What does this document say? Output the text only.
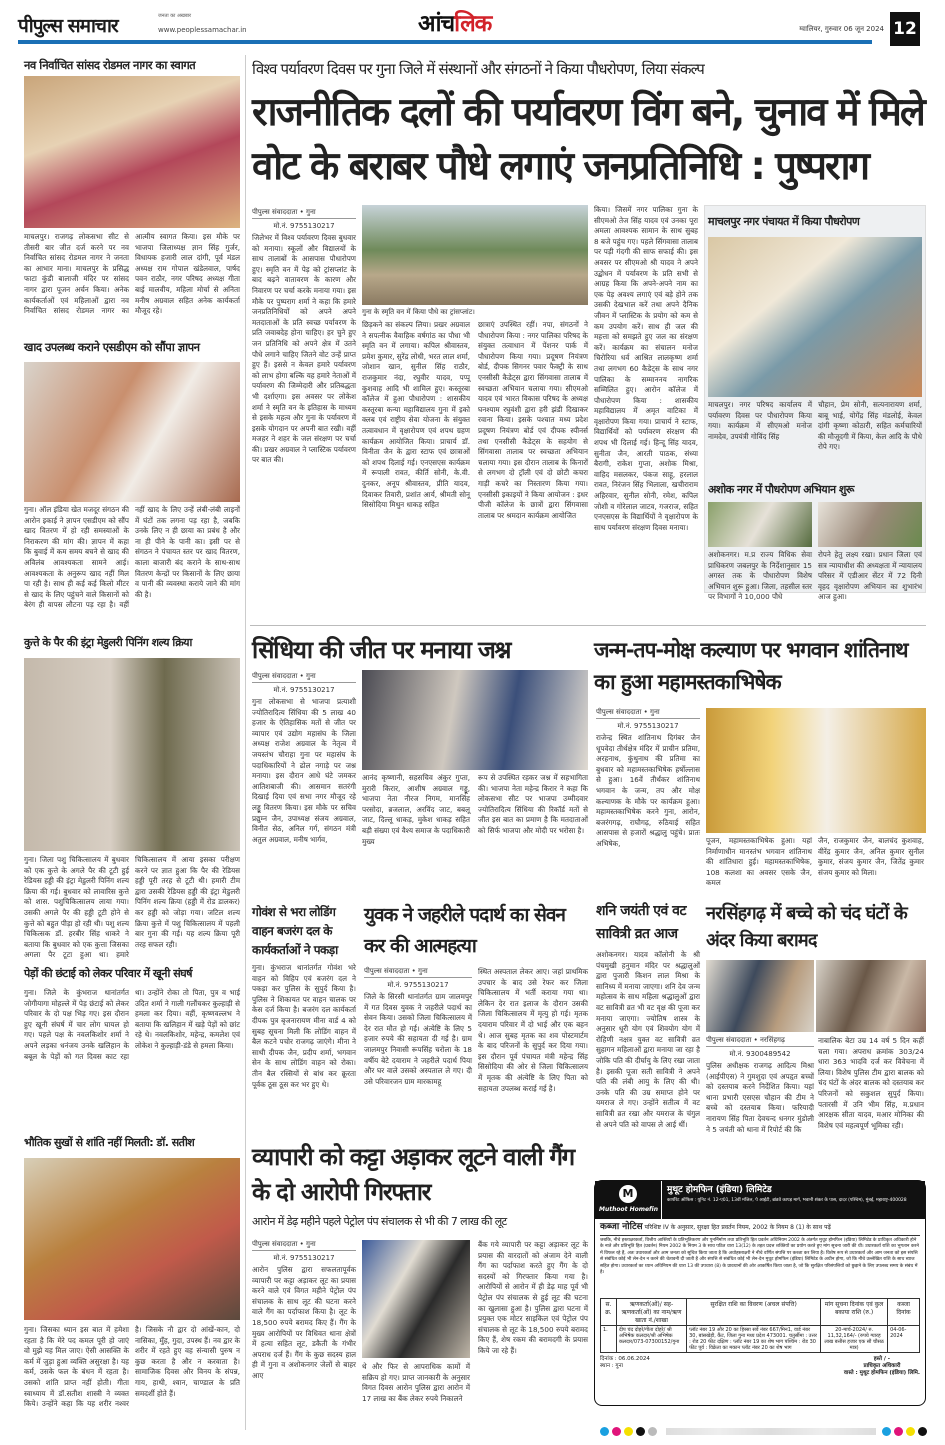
पीपुल्स समाचार	जनता का अखबार
www.peoplessamachar.in	आंचलिक	ग्वालियर, गुरुवार 06 जून 2024 12
नव निर्वाचित सांसद रोडमल नागर का स्वागत
माचलपुर। राजगढ़ लोकसभा सीट से तीसरी बार जीत दर्ज करने पर नव निर्वाचित सांसद रोडमल नागर ने जनता का आभार माना। माचलपुर के प्रसिद्ध फाटा कुंडी बालाजी मंदिर पर सांसद नागर द्वारा पूजन अर्चन किया। अनेक कार्यकर्ताओं एवं महिलाओं द्वारा नव निर्वाचित सांसद रोडमल नागर का आत्मीय स्वागत किया। इस मौके पर भाजपा जिलाध्यक्ष ज्ञान सिंह गुर्जर, विधायक हजारी लाल दांगी, पूर्व मंडल अध्यक्ष राम गोपाल खंडेलवाल, पार्षद पवन राठौर, नगर परिषद अध्यक्ष गीता बाई मालवीय, महिला मोर्चा से अनिता मनीष अग्रवाल सहित अनेक कार्यकर्ता मौजूद रहे।
खाद उपलब्ध कराने एसडीएम को सौंपा ज्ञापन
गुना। ऑल इंडिया खेत मजदूर संगठन की आरोन इकाई ने ज्ञापन एसडीएम को सौंप खाद वितरण में हो रही समस्याओं के निराकरण की मांग की। ज्ञापन में कहा कि बुवाई में कम समय बचने से खाद की अविलंब आवश्यकता सामने आई। आवश्यकता के अनुरूप खाद नहीं मिल पा रही है। साथ ही कई कई किलो मीटर से खाद के लिए पहुंचने वाले किसानों को बेरंग ही वापस लौटना पड़ रहा है। वहीं नहीं खाद के लिए उन्हें लंबी-लंबी लाइनों में घंटों तक लगना पड़ रहा है, जबकि उनके लिए न ही छाया का प्रबंध है और ना ही पीने के पानी का। इसी पर से संगठन ने पंचायत स्तर पर खाद वितरण, काला बाजारी बंद कराने के साथ-साथ वितरण केन्द्रों पर किसानों के लिए छाया व पानी की व्यवस्था कराये जाने की मांग की है।
कुत्ते के पैर की इंट्रा मेडुलरी पिनिंग शल्य क्रिया
गुना। जिला पशु चिकित्सालय में बुधवार को एक कुत्ते के अगले पैर की टूटी हुई रेडियस हड्डी की इंट्रा मेडुलरी पिनिंग शल्य क्रिया की गई। बुधवार को लावारिस कुत्ते को शास. पशुचिकित्सालय लाया गया। उसकी अगले पैर की हड्डी टूटी होने से कुत्ते को बहुत पीड़ा हो रही थी। पशु शल्य चिकित्सक डॉ. हरबीर सिंह धाकरे ने बताया कि बुधवार को एक कुत्ता जिसका अगला पैर टूटा हुआ था। हमारे चिकित्सालय में आया इसका परीक्षण करने पर ज्ञात हुआ कि पैर की रेडियस हड्डी पूरी तरह से टूटी थी। हमारी टीम द्वारा उसकी रेडियस हड्डी की इंट्रा मेडुलरी पिनिंग शल्य क्रिया (हड्डी में रोड डालकर) कर हड्डी को जोड़ा गया। जटिल शल्य क्रिया कुत्ते में पशु चिकित्सालय में पहली बार गुना की गई। यह शल्य क्रिया पूरी तरह सफल रही।
पेड़ों की छंटाई को लेकर परिवार में खूनी संघर्ष
गुना। जिले के कुंभराज थानांतर्गत जोगीयागा मोहल्ले में पेड़ छंटाई को लेकर परिवार के दो पक्ष भिड़ गए। इस दौरान हुए खूनी संघर्ष में चार लोग घायल हो गए। पहले पक्ष के नवलकिशोर शर्मा ने अपने लड़का धनंजय उनके खलिहान के बबूल के पेड़ों को गत दिवस काट रहा था। उन्होंने रोका तो पिता, पुत्र व भाई उदित शर्मा ने गाली गलौंचकर कुल्हाड़ी से हमला कर दिया। वहीं, कृष्णवल्लभ ने बताया कि खलिहान में खड़े पेड़ों को छांट रहे थे। नवलकिशोर, महेन्द्र, कमलेश एवं लोकेश ने कुल्हाड़ी-डंडे से हमला किया।
भौतिक सुखों से शांति नहीं मिलती: डॉ. सतीश
गुना। जिसका ध्यान इस बात में हमेशा रहता है कि मेरे पद कमल पूरी हो जाएं वो मुझे यह मिल जाए। ऐसी आसक्ति के कर्म में जुड़ा हुआ व्यक्ति असुरक्षा है। यह कर्म, उसके फल के बंधन में रहता है। उसको शांति प्राप्त नहीं होती। गीता स्वाध्याय में डॉ.सतीश शास्त्री ने व्यक्त किये। उन्होंने कहा कि यह शरीर नश्वर है। जिसके नौ द्वार दो आंखें-कान, दो नासिका, मुँह, गुदा, उपस्थ हैं। नव द्वार के शरीर में रहते हुए वह संन्यासी पुरुष न कुछ करता है और न करवाता है। सामाजिक दिवस और विनय के संपन्न, गाय, हाथी, श्वान, चाण्डाल के प्रति समदर्शी होते हैं।
विश्व पर्यावरण दिवस पर गुना जिले में संस्थानों और संगठनों ने किया पौधरोपण, लिया संकल्प
राजनीतिक दलों की पर्यावरण विंग बने, चुनाव में मिले वोट के बराबर पौधे लगाएं जनप्रतिनिधि : पुष्पराग
पीपुल्स संवाददाता • गुना
मो.नं. 9755130217
जिलेभर में विश्व पर्यावरण दिवस बुधवार को मनाया। स्कूलों और विद्यालयों के साथ तालाबों के आसपास पौधारोपण हुए। स्मृति वन में पेड़ को ट्रांसप्लांट के बाद बढ़ने वातावरण के कारण और निवारण पर चर्चा करके मनाया गया। इस मौके पर पुष्पराग शर्मा ने कहा कि हमारे जनप्रतिनिधियों को अपने अपने मतदाताओं के प्रति स्वच्छ पर्यावरण के प्रति जवाबदेह होना चाहिए। हर चुने हुए जन प्रतिनिधि को अपने क्षेत्र में उतने पौधे लगाने चाहिए जितने वोट उन्हें प्राप्त हुए हैं। इससे न केवल हमारे पर्यावरण को लाभ होगा बल्कि यह हमारे नेताओं में पर्यावरण की जिम्मेदारी और प्रतिबद्धता भी दर्शाएगा। इस अवसर पर लोकेश शर्मा ने स्मृति वन के इतिहास के माध्यम से इसके महत्व और गुना के पर्यावरण में इसके योगदान पर अपनी बात रखी। वहीं मजहर ने शहर के जल संरक्षण पर चर्चा की। प्रखर अग्रवाल ने प्लास्टिक पर्यावरण पर बात की।
गुना के स्मृति वन में किया पौधे का ट्रांसप्लांट।
छिड़कने का संकल्प लिया। प्रखर अग्रवाल ने सपत्नीक वैवाहिक वर्षगांठ का पौधा भी स्मृति वन में लगाया। कपिल श्रीवास्तव, प्रमेश कुमार, सुरेंद्र लोधी, भरत लाल शर्मा, जोशान खान, सुनील सिंह राठौर, राजकुमार नंदा, रघुवीर यादव, पप्पू कुशवाह आदि भी शामिल हुए। कस्तूरबा कॉलेज में हुआ पौधारोपण : शासकीय कस्तूरबा कन्या महाविद्यालय गुना में इको क्लब एवं राष्ट्रीय सेवा योजना के संयुक्त तत्वावधान में वृक्षारोपण एवं शपथ ग्रहण कार्यक्रम आयोजित किया। प्राचार्य डॉ. विनीता जैन के द्वारा स्टाफ एवं छात्राओं को शपथ दिलाई गई। एनएसएस कार्यक्रम में रूपाली रावत, कीर्ति सोनी, के.वी. दुनकर, अनूप श्रीवास्तव, प्रीति यादव, दिवाकर तिवारी, प्रशांत आर्य, श्रीमती सोनू सिसोदिया मिथुन धाकड़ सहित
छात्राएं उपस्थित रहीं। नपा, संगठनों ने पौधारोपण किया : नगर पालिका परिषद के संयुक्त तत्वाधान में पेंशनर पार्क में पौधारोपण किया गया। प्रदूषण नियंत्रण बोर्ड, दीपक सिगनर पवार फैक्ट्री के साथ एनसीसी कैडेट्स द्वारा सिंगवासा तालाब में स्वच्छता अभियान चलाया गया। सीएमओ यादव एवं भारत विकास परिषद के अध्यक्ष घनश्याम रघुवंशी द्वारा हरी झंडी दिखाकर रवाना किया। इसके पश्चात मध्य प्रदेश प्रदूषण नियंत्रण बोर्ड एवं दीपक स्पीनर्स तथा एनसीसी कैडेट्स के सहयोग से सिंगवासा तालाब पर स्वच्छता अभियान चलाया गया। इस दौरान तालाब के किनारों से लगभग दो ट्रॉली एवं दो छोटी कचरा गाड़ी कचरे का निस्तारण किया गया। एनसीसी इकाइयों ने किया आयोजन : इधर पीजी कॉलेज के छात्रों द्वारा सिंगवासा तालाब पर श्रमदान कार्यक्रम आयोजित
किया। जिसमें नगर पालिका गुना के सीएमओ तेज सिंह यादव एवं उनका पूरा अमला आवश्यक सामान के साथ सुबह 8 बजे पहुंच गए। पहले सिंगवासा तालाब पर पड़ी गंदगी की साफ सफाई की। इस अवसर पर सीएमओ श्री यादव ने अपने उद्बोधन में पर्यावरण के प्रति सभी से आग्रह किया कि अपने-अपने नाम का एक पेड़ अवश्य लगाएं एवं बड़े होने तक उसकी देखभाल करें तथा अपने दैनिक जीवन में प्लास्टिक के प्रयोग को कम से कम उपयोग करें। साथ ही जल की महत्ता को समझते हुए जल का संरक्षण करें। कार्यक्रम का संचालन मनोज चिरोरिया धर्व आश्रित लालकृष्ण शर्मा तथा लगभग 60 कैडेट्स के साथ नगर पालिका के सम्माननय नागरिक सम्मिलित हुए। आरोन कॉलेज में पौधारोपण किया : शासकीय महाविद्यालय में अमृत वाटिका में वृक्षारोपण किया गया। प्राचार्य ने स्टाफ, विद्यार्थियों को पर्यावरण संरक्षण की शपथ भी दिलाई गई। हिन्दू सिंह यादव, सुनीता जैन, आरती पाठक, संध्या बैरागी, राकेश गुप्ता, अशोक मिश्रा, वाहिद मसलकर, पंकज साहू, हरलाल रावत, निरंजन सिंह भिलाला, खचीराराम अहिरवार, सुनील सोनी, रमेश, कपिल जोशी व गोरेलाल जाटव, गजराज, सहित एनएसएस के विद्यार्थियों ने वृक्षारोपण के साथ पर्यावरण संरक्षण दिवस मनाया।
माचलपुर नगर पंचायत में किया पौधरोपण
माचलपुर। नगर परिषद कार्यालय में पर्यावरण दिवस पर पौधारोपण किया गया। कार्यक्रम में सीएमओ मनोज नामदेव, उपयंत्री गोविंद सिंह
चौहान, प्रेम सोनी, सत्यनारायण शर्मा, बाबू भाई, योगेंद्र सिंह मंडलोई, केवल दांगी कृष्णा कोठारी, सहित कर्मचारियों की मौजूदगी में किया, केल आदि के पौधे रोपे गए।
अशोक नगर में पौधरोपण अभियान शुरू
अशोकनगर। म.प्र राज्य विधिक सेवा प्राधिकरण जबलपुर के निर्देशानुसार 15 अगस्त तक के पौधारोपण विशेष अभियान शुरू हुआ। जिला, तहसील स्तर पर विभागों ने 10,000 पौधे
रोपने हेतु लक्ष्य रखा। प्रधान जिला एवं सत्र न्यायाधीश की अध्यक्षता में न्यायालय परिसर में एडीआर सेंटर में 72 दिनी वृहद वृक्षारोपण अभियान का शुभारंभ आज हुआ।
सिंधिया की जीत पर मनाया जश्न
पीपुल्स संवाददाता • गुना
मो.नं. 9755130217
गुना लोकसभा से भाजपा प्रत्याशी ज्योतिरादित्य सिंधिया की 5 लाख 40 हजार के ऐतिहासिक मतों से जीत पर व्यापार एवं उद्योग महासंघ के जिला अध्यक्ष राजेश अग्रवाल के नेतृत्व में जयस्तंभ चौराहा गुना पर महासंघ के पदाधिकारियों ने ढोल नगाड़े पर जश्न मनाया। इस दौरान आधे घंटे जमकर आतिशबाजी की। आसमान सतरंगी दिखाई दिया एवं सभा नगर मौजूद रहे लड्डू वितरण किया। इस मौके पर सचिव प्रद्युम्न जैन, उपाध्यक्ष संजय अग्रवाल, विनीत सेठ, अनिल गर्ग, संगठन मंत्री अतुल अग्रवाल, मनीष भार्गव,
आनंद कृष्णानी, सहसचिव अंकुर गुप्ता, मुरारी किरार, आशीष अग्रवाल गड्डू, भाजपा नेता नीरज निगम, मानसिंह परसोदा, ब्रजलाल, अरविंद जाट, बबलू जाट, दिल्लू धाकड़, मुकेश धाकड़ सहित बड़ी संख्या एवं वैश्य समाज के पदाधिकारी मुख्य
रूप से उपस्थित रहकर जश्न में सहभागिता की। भाजपा नेता महेन्द्र किरार ने कहा कि लोकसभा सीट पर भाजपा उम्मीदवार ज्योतिरादित्य सिंधिया की रिकॉर्ड मतों से जीत इस बात का प्रमाण है कि मतदाताओं को सिर्फ भाजपा और मोदी पर भरोसा है।
जन्म-तप-मोक्ष कल्याण पर भगवान शांतिनाथ का हुआ महामस्तकाभिषेक
पीपुल्स संवाददाता • गुना
मो.नं. 9755130217
राजेन्द्र स्थित शांतिनाथ दिगंबर जैन धूपवेदा तीर्थक्षेत्र मंदिर में प्राचीन प्रतिमा, अरहनाथ, कुंथुनाथ की प्रतिमा का बुधवार को महामस्तकाभिषेक हर्षोल्लास से हुआ। 16वें तीर्थंकर शांतिनाथ भगवान के जन्म, तप और मोक्ष कल्याणक के मौके पर कार्यक्रम हुआ। महामस्तकाभिषेक करने गुना, आरोन, बजरंगगढ़, राघौगढ़, रुठियाई सहित आसपास से हजारों श्रद्धालु पहुंचे। प्रातः अभिषेक,	पूजन, महामस्तकाभिषेक हुआ। यहां निर्माणाधीन मानस्तंभ भगवान शांतिनाथ की शांतिधारा हुई। महामस्तकाभिषेक, 108 कलशा का अवसर एसके जैन, कमल
जैन, राजकुमार जैन, बालचंद कुशवाह, वीरेंद्र कुमार जैन, अनिल कुमार सुनील कुमार, संजय कुमार जैन, जितेंद्र कुमार संजय कुमार को मिला।
गोवंश से भरा लोडिंग वाहन बजरंग दल के कार्यकर्ताओं ने पकड़ा
गुना। कुंभराज थानांतर्गत गोवंश भरे वाहन को विहिप एवं बजरंग दल ने पकड़ा कर पुलिस के सुपुर्द किया है। पुलिस ने शिकायत पर वाहन चालक पर केस दर्ज किया है। बजरंग दल कार्यकर्ता दीपक पुत्र बृजनारायण मीना वार्ड 4 को सुबह सूचना मिली कि लोडिंग वाहन में बैल कटने पचोर राजगढ़ जाएंगे। मीना ने साथी दीपक जैन, प्रदीप शर्मा, भगवान सेन के साथ लोडिंग वाहन को रोका। तीन बैल रस्सियों से बांध कर क्रूरता पूर्वक ठूस ठूस कर भर हुए थे।
युवक ने जहरीले पदार्थ का सेवन कर की आत्महत्या
पीपुल्स संवाददाता • गुना
मो.नं. 9755130217
जिले के सिरसी थानांतर्गत ग्राम जालमपुर में गत दिवस युवक ने जहरीले पदार्थ का सेवन किया। उसको जिला चिकित्सालय में देर रात मौत हो गई। अंत्येष्टि के लिए 5 हजार रुपये की सहायता दी गई है। ग्राम जालमपुर निवासी रूपसिंह चरोला के 18 वर्षीय बेटे दयाराम ने जहरीले पदार्थ पिया और घर वाले उसको अस्पताल ले गए। दी उसे परिवारजन ग्राम मारकामहू
स्थित अस्पताल लेकर आए। जहां प्राथमिक उपचार के बाद उसे रेफर कर जिला चिकित्सालय में भर्ती कराया गया था। लेकिन देर रात इलाज के दौरान उसकी जिला चिकित्सालय में मृत्यु हो गई। मृतक दयाराम परिवार में दो भाई और एक बहन थे। आज सुबह मृतक का शव पोस्टमार्टम के बाद परिजनों के सुपुर्द कर दिया गया। इस दौरान पूर्व पंचायत मंत्री महेन्द्र सिंह सिसोदिया की ओर से जिला चिकित्सालय में मृतक की अंत्येष्टि के लिए पिता को सहायता उपलब्ध कराई गई है।
शनि जयंती एवं वट सावित्री व्रत आज
अशोकनगर। यादव कॉलोनी के श्री पंचमुखी हनुमान मंदिर पर श्रद्धालुओं द्वारा पुजारी किशन लाल मिश्रा के सानिध्य में मनाया जाएगा। शनि देव जन्म महोत्सव के साथ महिला श्रद्धालुओं द्वारा वट सावित्री व्रत भी वट वृक्ष की पूजा कर मनाया जाएगा। ज्योतिष शास्त्र के अनुसार धूरी योग एवं शिवयोग योग में रोहिणी नक्षत्र युक्त वट सावित्री व्रत सुहागन महिलाओं द्वारा मनाया जा रहा है जोकि पति की दीर्घायु के लिए रखा जाता है। इसकी पूजा सती सावित्री ने अपने पति की लंबी आयु के लिए की थी। उनके पति की उम्र समाप्त होने पर यमराज ले गए। उन्होंने सतीत्व में वट सावित्री व्रत रखा और यमराज के चंगुल से अपने पति को वापस ले आई थीं।
नरसिंहगढ़ में बच्चे को चंद घंटों के अंदर किया बरामद
पीपुल्स संवाददाता • नरसिंहगढ़
मो.नं. 9300489542
पुलिस अधीक्षक राजगढ़ आदित्य मिश्रा (आईपीएस) ने गुमशुदा एवं अपहृत बच्चों को दस्तयाब करने निर्देशित किया। यहां थाना प्रभारी एसएस चौहान की टीम ने बच्चे को दस्तयाब किया। फरियादी नारायण सिंह पिता देवचन्द धनगर मुंडोली ने 5 जयंती को थाना में रिपोर्ट की कि
नाबालिक बेटा उम्र 14 वर्ष 5 दिन कहीं चला गया। अपराध क्रमांक 303/24 धारा 363 भादवि दर्ज कर विवेचना में लिया। विशेष पुलिस टीम द्वारा बालक को चंद घंटों के अंदर बालक को दस्तयाब कर परिजनों को सकुशल सुपुर्द किया। पतारसी में उनि भीम सिंह, म.प्रधान आरक्षक सीता यादव, मआर मोनिका की विशेष एवं महत्वपूर्ण भूमिका रही।
व्यापारी को कट्टा अड़ाकर लूटने वाली गैंग के दो आरोपी गिरफ्तार
आरोन में डेढ़ महीने पहले पेट्रोल पंप संचालक से भी की 7 लाख की लूट
पीपुल्स संवाददाता • गुना
मो.नं. 9755130217
आरोन पुलिस द्वारा सफलतापूर्वक व्यापारी पर कट्टा अड़ाकर लूट का प्रयास करने वाले एवं विगत महीने पेट्रोल पंप संचालक के साथ लूट की घटना करने वाले गैंग का पर्दाफाश किया है। लूट के 18,500 रुपये बरामद किए हैं। गैंग के मुख्य आरोपियों पर विधिवत थाना क्षेत्रों में हत्या सहित लूट, डकैती के गंभीर अपराध दर्ज हैं। गैंग के कुछ सदस्य हाल ही में गुना व अशोकनगर जेलों से बाहर आए
थे और फिर से आपराधिक कामों में सक्रिय हो गए। प्राप्त जानकारी के अनुसार विगत दिवस आरोन पुलिस द्वारा आरोन में 17 लाख का बैंक लेकर रुपये निकालने
बैंक गये व्यापारी पर कट्टा अड़ाकर लूट के प्रयास की वारदातों को अंजाम देने वाली गैंग का पर्दाफाश करते हुए गैंग के दो सदस्यों को गिरफ्तार किया गया है। आरोपियों से आरोन में ही डेढ़ माह पूर्व भी पेट्रोल पंप संचालक से हुई लूट की घटना का खुलासा हुआ है। पुलिस द्वारा घटना में प्रयुक्त एक मोटर साइकिल एवं पेट्रोल पंप संचालक से लूट के 18,500 रुपये बरामद किए हैं, शेष रकम की बरामदगी के प्रयास किये जा रहे हैं।
M
Muthoot Homefin
मुथूट होमफिन (इंडिया) लिमिटेड
कार्पोरेट ऑफिस : यूनिट नं. 12-ए01, 13वीं मंजिल, पे आईटी, ब्रांडवे कापड़ मार्ग, भवानी शंकर के पास, दादर (पश्चिम), मुंबई, महाराष्ट्र-400028
कब्जा नोटिस परिशिष्ट IV के अनुसार, सुरक्षा हित प्रवर्तन नियम, 2002 के नियम 8 (1) के साथ पढ़ें
जबकि, नीचे हस्ताक्षरकर्ता, वित्तीय आस्तियों के प्रतिभूतिकरण और पुनर्निर्माण तथा प्रतिभूति हित प्रवर्तन अधिनियम 2002 के अंतर्गत मुथूट होमफिन (इंडिया) लिमिटेड के प्राधिकृत अधिकारी होने के नाते और प्रतिभूति हित (प्रवर्तन) नियम 2002 के नियम 3 के साथ पठित धारा 13(12) के तहत प्रदत्त शक्तियों का प्रयोग करते हुए मांग सूचना जारी की थी। उधारकर्ता राशि का भुगतान करने में विफल रहे हैं, अतः उधारकर्ता और आम जनता को सूचित किया जाता है कि अधोहस्ताक्षरी ने नीचे वर्णित संपत्ति पर कब्जा कर लिया है। विशेष रूप से उधारकर्ता और आम जनता को इस संपत्ति से संबंधित कोई भी लेन-देन न करने की चेतावनी दी जाती है और संपत्ति से संबंधित कोई भी लेन-देन मुथूट होमफिन (इंडिया) लिमिटेड के अधीन होगा, जो कि नीचे उल्लेखित राशि के साथ ब्याज सहित होगा। उधारकर्ता का ध्यान अधिनियम की धारा 13 की उपधारा (8) के प्रावधानों की ओर आकर्षित किया जाता है, जो कि सुरक्षित परिसंपत्तियों को छुड़ाने के लिए उपलब्ध समय के संबंध में है।
स. क्र.	ऋणकर्ता(ओं)/ सह-ऋणकर्ता(ओं) का नाम/ऋण खाता नं./शाखा	सुरक्षित राशि का विवरण (अचल संपत्ति)	मांग सूचना दिनांक एवं कुल बकाया राशि (रु.)	कब्जा दिनांक
1.	दीप चंद दोहरे/गीता दोहरे/ श्री अभिषेक कलदार/श्री अभिषेक कलदार/073-07300152/गुना	प्लॉट नंबर 19 और 20 का हिस्सा सर्वे नंबर 667/मिन1, वार्ड नंबर 30, बांसखेड़ी, कैंट, जिला गुना मध्य प्रदेश 473001. चतुर्सीमा : उत्तर : रोड 20 फीट दक्षिण : प्लॉट नंबर 19 का शेष भाग पश्चिम : रोड 30 फीट पूर्व : विक्रेता का मकान प्लॉट नंबर 20 का शेष भाग	20-मार्च-2024/ रु. 11,32,164/- (रुपये ग्यारह लाख बत्तीस हजार एक सौ चौसठ मात्र)	04-06-2024
दिनांक : 06.06.2024
स्थान : गुना
हस्ते / -
प्राधिकृत अधिकारी
वास्ते : मुथूट होमफिन (इंडिया) लिमि.
